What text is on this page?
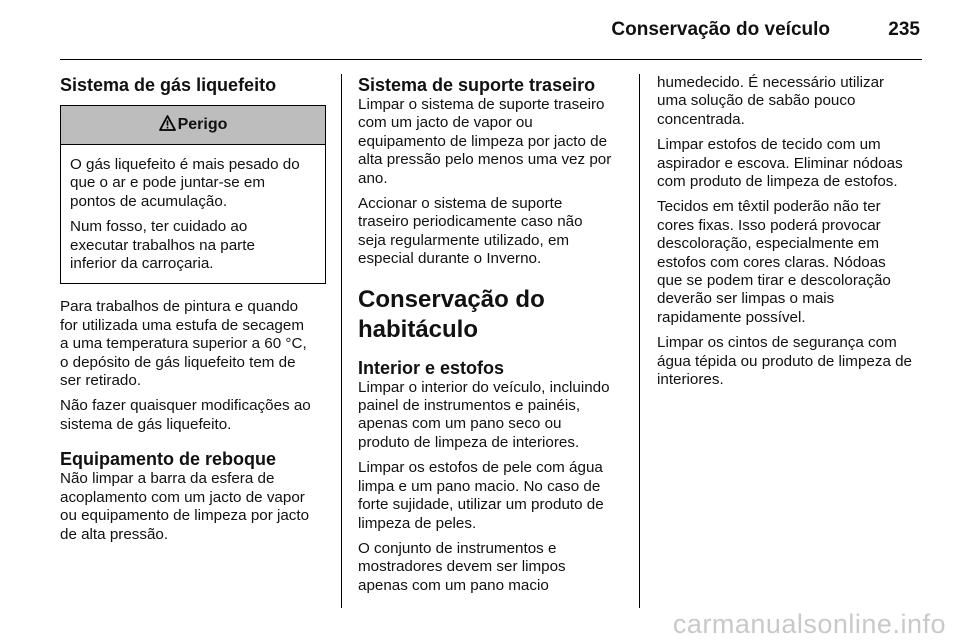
Conservação do veículo	235
Sistema de gás liquefeito
Perigo

O gás liquefeito é mais pesado do
que o ar e pode juntar-se em
pontos de acumulação.

Num fosso, ter cuidado ao
executar trabalhos na parte
inferior da carroçaria.

Para trabalhos de pintura e quando
for utilizada uma estufa de secagem
a uma temperatura superior a 60 °C,
o depósito de gás liquefeito tem de
ser retirado.

Não fazer quaisquer modificações ao
sistema de gás liquefeito.

Equipamento de reboque

Não limpar a barra da esfera de
acoplamento com um jacto de vapor
ou equipamento de limpeza por jacto
de alta pressão.

Sistema de suporte traseiro

Limpar o sistema de suporte traseiro
com um jacto de vapor ou
equipamento de limpeza por jacto de
alta pressão pelo menos uma vez por
ano.

Accionar o sistema de suporte
traseiro periodicamente caso não
seja regularmente utilizado, em
especial durante o Inverno.

Conservação do
habitáculo
Interior e estofos

Limpar o interior do veículo, incluindo
painel de instrumentos e painéis,
apenas com um pano seco ou
produto de limpeza de interiores.

Limpar os estofos de pele com água
limpa e um pano macio. No caso de
forte sujidade, utilizar um produto de
limpeza de peles.

O conjunto de instrumentos e
mostradores devem ser limpos
apenas com um pano macio

humedecido. É necessário utilizar
uma solução de sabão pouco
concentrada.

Limpar estofos de tecido com um
aspirador e escova. Eliminar nódoas
com produto de limpeza de estofos.

Tecidos em têxtil poderão não ter
cores fixas. Isso poderá provocar
descoloração, especialmente em
estofos com cores claras. Nódoas
que se podem tirar e descoloração
deverão ser limpas o mais
rapidamente possível.

Limpar os cintos de segurança com
água tépida ou produto de limpeza de
interiores.

carmanualsonline.info
